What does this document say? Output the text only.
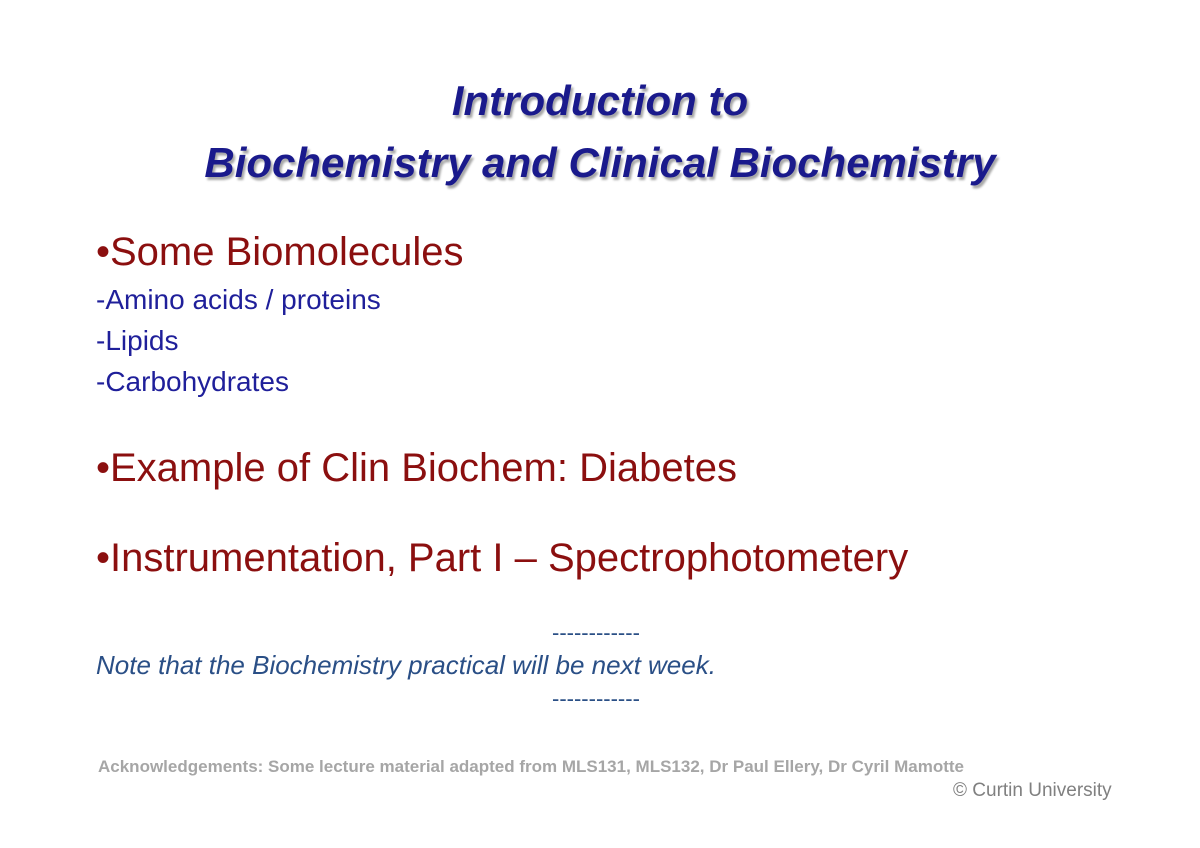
Introduction to
Biochemistry and Clinical Biochemistry
•Some Biomolecules
-Amino acids / proteins
-Lipids
-Carbohydrates
•Example of Clin Biochem: Diabetes
•Instrumentation, Part I – Spectrophotometery
------------
Note that the Biochemistry practical will be next week.
------------
Acknowledgements: Some lecture material adapted from MLS131, MLS132, Dr Paul Ellery, Dr Cyril Mamotte
© Curtin University
